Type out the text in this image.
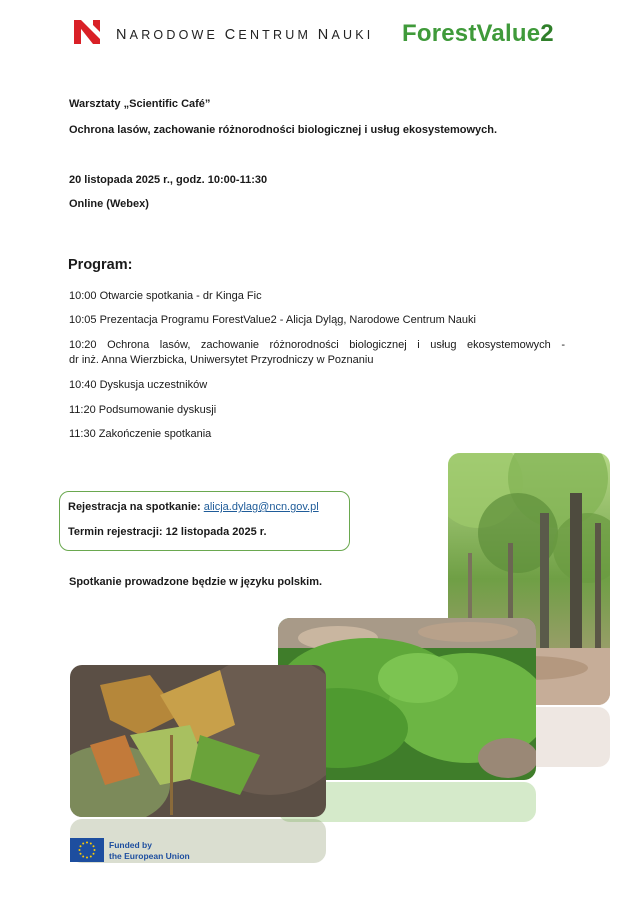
NARODOWE CENTRUM NAUKI ForestValue2
Warsztaty „Scientific Café”
Ochrona lasów, zachowanie różnorodności biologicznej i usług ekosystemowych.
20 listopada 2025 r., godz. 10:00-11:30
Online (Webex)
Program:
10:00 Otwarcie spotkania - dr Kinga Fic
10:05 Prezentacja Programu ForestValue2 - Alicja Dyląg, Narodowe Centrum Nauki
10:20 Ochrona lasów, zachowanie różnorodności biologicznej i usług ekosystemowych -
dr inż. Anna Wierzbicka, Uniwersytet Przyrodniczy w Poznaniu
10:40 Dyskusja uczestników
11:20 Podsumowanie dyskusji
11:30 Zakończenie spotkania
Rejestracja na spotkanie: alicja.dylag@ncn.gov.pl
Termin rejestracji: 12 listopada 2025 r.
Spotkanie prowadzone będzie w języku polskim.
Funded by
the European Union
